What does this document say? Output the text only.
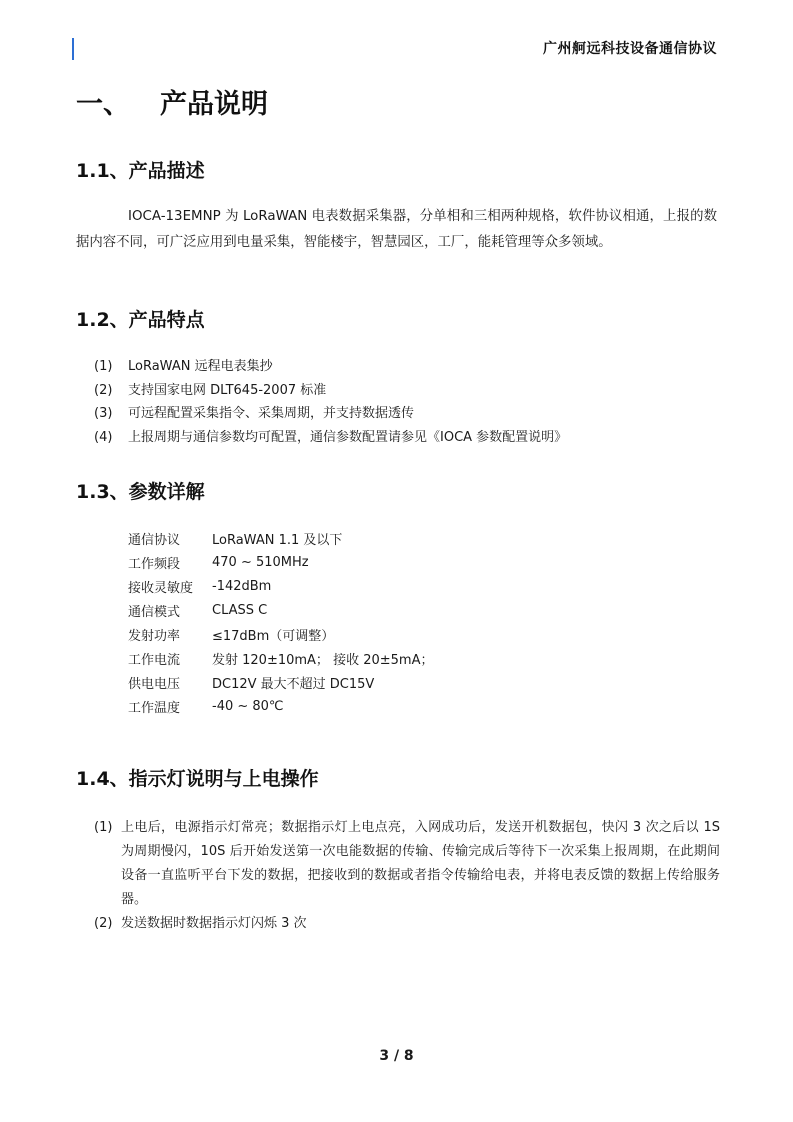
广州舸远科技设备通信协议
一、 产品说明
1.1、产品描述

IOCA-13EMNP 为 LoRaWAN 电表数据采集器，分单相和三相两种规格，软件协议相通，上报的数据内容不同，可广泛应用到电量采集，智能楼宇，智慧园区，工厂，能耗管理等众多领域。

1.2、产品特点
(1) LoRaWAN 远程电表集抄
(2) 支持国家电网 DLT645-2007 标准
(3) 可远程配置采集指令、采集周期，并支持数据透传
(4) 上报周期与通信参数均可配置，通信参数配置请参见《IOCA 参数配置说明》
1.3、参数详解
通信协议	LoRaWAN 1.1 及以下
工作频段	470 ~ 510MHz
接收灵敏度	-142dBm
通信模式	CLASS C
发射功率	≤17dBm（可调整）
工作电流	发射 120±10mA； 接收 20±5mA；
供电电压	DC12V 最大不超过 DC15V
工作温度	-40 ~ 80℃
1.4、指示灯说明与上电操作
(1) 上电后，电源指示灯常亮；数据指示灯上电点亮，入网成功后，发送开机数据包，快闪 3 次之后以 1S 为周期慢闪，10S 后开始发送第一次电能数据的传输、传输完成后等待下一次采集上报周期，在此期间设备一直监听平台下发的数据，把接收到的数据或者指令传输给电表，并将电表反馈的数据上传给服务器。
(2) 发送数据时数据指示灯闪烁 3 次
3 / 8
